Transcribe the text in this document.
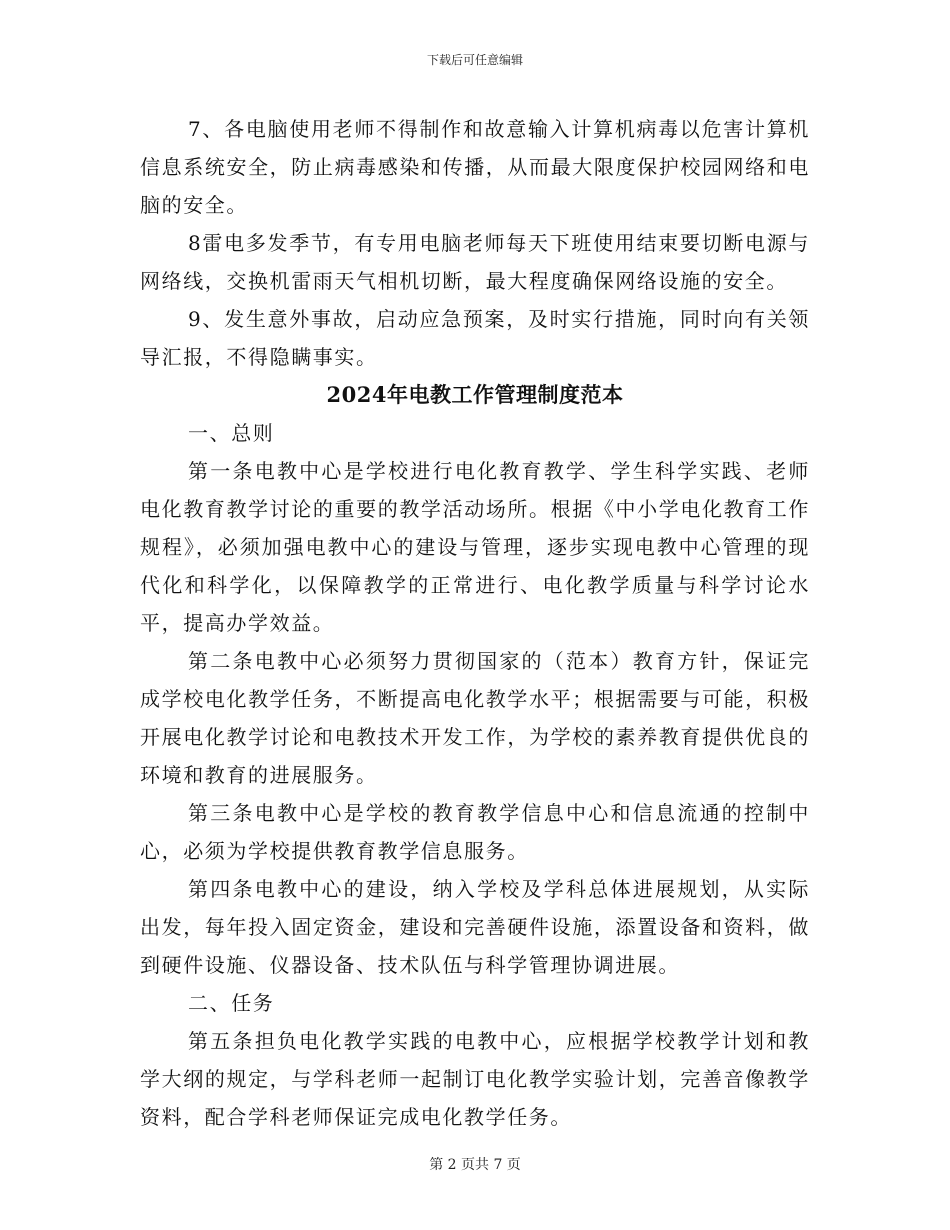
下载后可任意编辑

7、各电脑使用老师不得制作和故意输入计算机病毒以危害计算机信息系统安全，防止病毒感染和传播，从而最大限度保护校园网络和电脑的安全。

8雷电多发季节，有专用电脑老师每天下班使用结束要切断电源与网络线，交换机雷雨天气相机切断，最大程度确保网络设施的安全。

9、发生意外事故，启动应急预案，及时实行措施，同时向有关领导汇报，不得隐瞒事实。

2024年电教工作管理制度范本

一、总则

第一条电教中心是学校进行电化教育教学、学生科学实践、老师电化教育教学讨论的重要的教学活动场所。根据《中小学电化教育工作规程》，必须加强电教中心的建设与管理，逐步实现电教中心管理的现代化和科学化，以保障教学的正常进行、电化教学质量与科学讨论水平，提高办学效益。

第二条电教中心必须努力贯彻国家的（范本）教育方针，保证完成学校电化教学任务，不断提高电化教学水平；根据需要与可能，积极开展电化教学讨论和电教技术开发工作，为学校的素养教育提供优良的环境和教育的进展服务。

第三条电教中心是学校的教育教学信息中心和信息流通的控制中心，必须为学校提供教育教学信息服务。

第四条电教中心的建设，纳入学校及学科总体进展规划，从实际出发，每年投入固定资金，建设和完善硬件设施，添置设备和资料，做到硬件设施、仪器设备、技术队伍与科学管理协调进展。

二、任务

第五条担负电化教学实践的电教中心，应根据学校教学计划和教学大纲的规定，与学科老师一起制订电化教学实验计划，完善音像教学资料，配合学科老师保证完成电化教学任务。

第 2 页共 7 页
